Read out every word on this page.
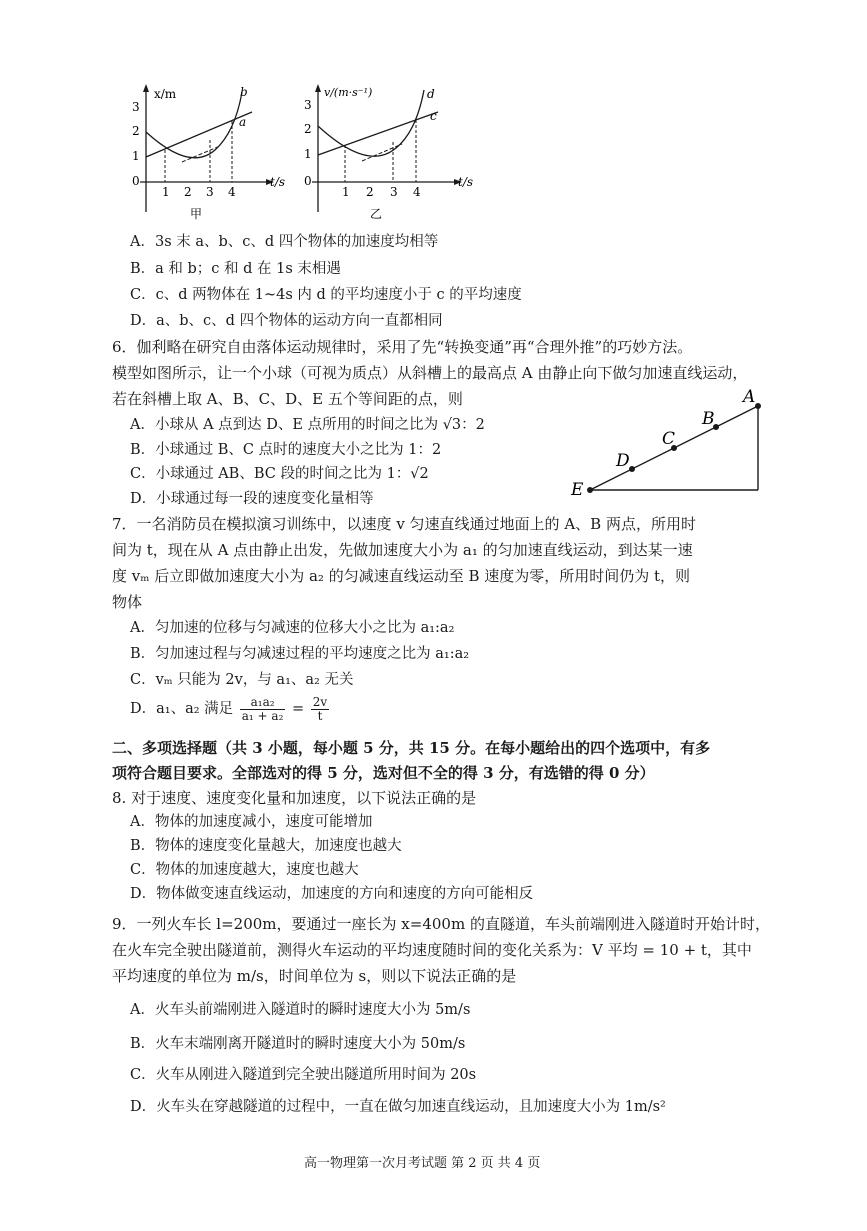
x/m
t/s
3
2
1
0
1 2 3 4
b
a
甲
v/(m·s⁻¹)
t/s
3
2
1
0
1 2 3 4
d
c
乙
A．3s 末 a、b、c、d 四个物体的加速度均相等
B．a 和 b；c 和 d 在 1s 末相遇
C．c、d 两物体在 1~4s 内 d 的平均速度小于 c 的平均速度
D．a、b、c、d 四个物体的运动方向一直都相同
6．伽利略在研究自由落体运动规律时，采用了先“转换变通”再“合理外推”的巧妙方法。
模型如图所示，让一个小球（可视为质点）从斜槽上的最高点 A 由静止向下做匀加速直线运动，
若在斜槽上取 A、B、C、D、E 五个等间距的点，则
A．小球从 A 点到达 D、E 点所用的时间之比为 √3：2
B．小球通过 B、C 点时的速度大小之比为 1：2
C．小球通过 AB、BC 段的时间之比为 1：√2
D．小球通过每一段的速度变化量相等
A
B
C
D
E
7．一名消防员在模拟演习训练中，以速度 v 匀速直线通过地面上的 A、B 两点，所用时
间为 t，现在从 A 点由静止出发，先做加速度大小为 a₁ 的匀加速直线运动，到达某一速
度 vₘ 后立即做加速度大小为 a₂ 的匀减速直线运动至 B 速度为零，所用时间仍为 t，则
物体
A．匀加速的位移与匀减速的位移大小之比为 a₁:a₂
B．匀加速过程与匀减速过程的平均速度之比为 a₁:a₂
C．vₘ 只能为 2v，与 a₁、a₂ 无关
D．a₁、a₂ 满足 $\frac{\text{a₁a₂}}{\text{a₁ + a₂}} = \frac{2v}{t}$
二、多项选择题（共 3 小题，每小题 5 分，共 15 分。在每小题给出的四个选项中，有多
项符合题目要求。全部选对的得 5 分，选对但不全的得 3 分，有选错的得 0 分）
8. 对于速度、速度变化量和加速度，以下说法正确的是
A．物体的加速度减小，速度可能增加
B．物体的速度变化量越大，加速度也越大
C．物体的加速度越大，速度也越大
D．物体做变速直线运动，加速度的方向和速度的方向可能相反
9．一列火车长 l=200m，要通过一座长为 x=400m 的直隧道，车头前端刚进入隧道时开始计时，
在火车完全驶出隧道前，测得火车运动的平均速度随时间的变化关系为：V 平均 = 10 + t，其中
平均速度的单位为 m/s，时间单位为 s，则以下说法正确的是
A．火车头前端刚进入隧道时的瞬时速度大小为 5m/s
B．火车末端刚离开隧道时的瞬时速度大小为 50m/s
C．火车从刚进入隧道到完全驶出隧道所用时间为 20s
D．火车头在穿越隧道的过程中，一直在做匀加速直线运动，且加速度大小为 1m/s²
高一物理第一次月考试题 第 2 页 共 4 页
